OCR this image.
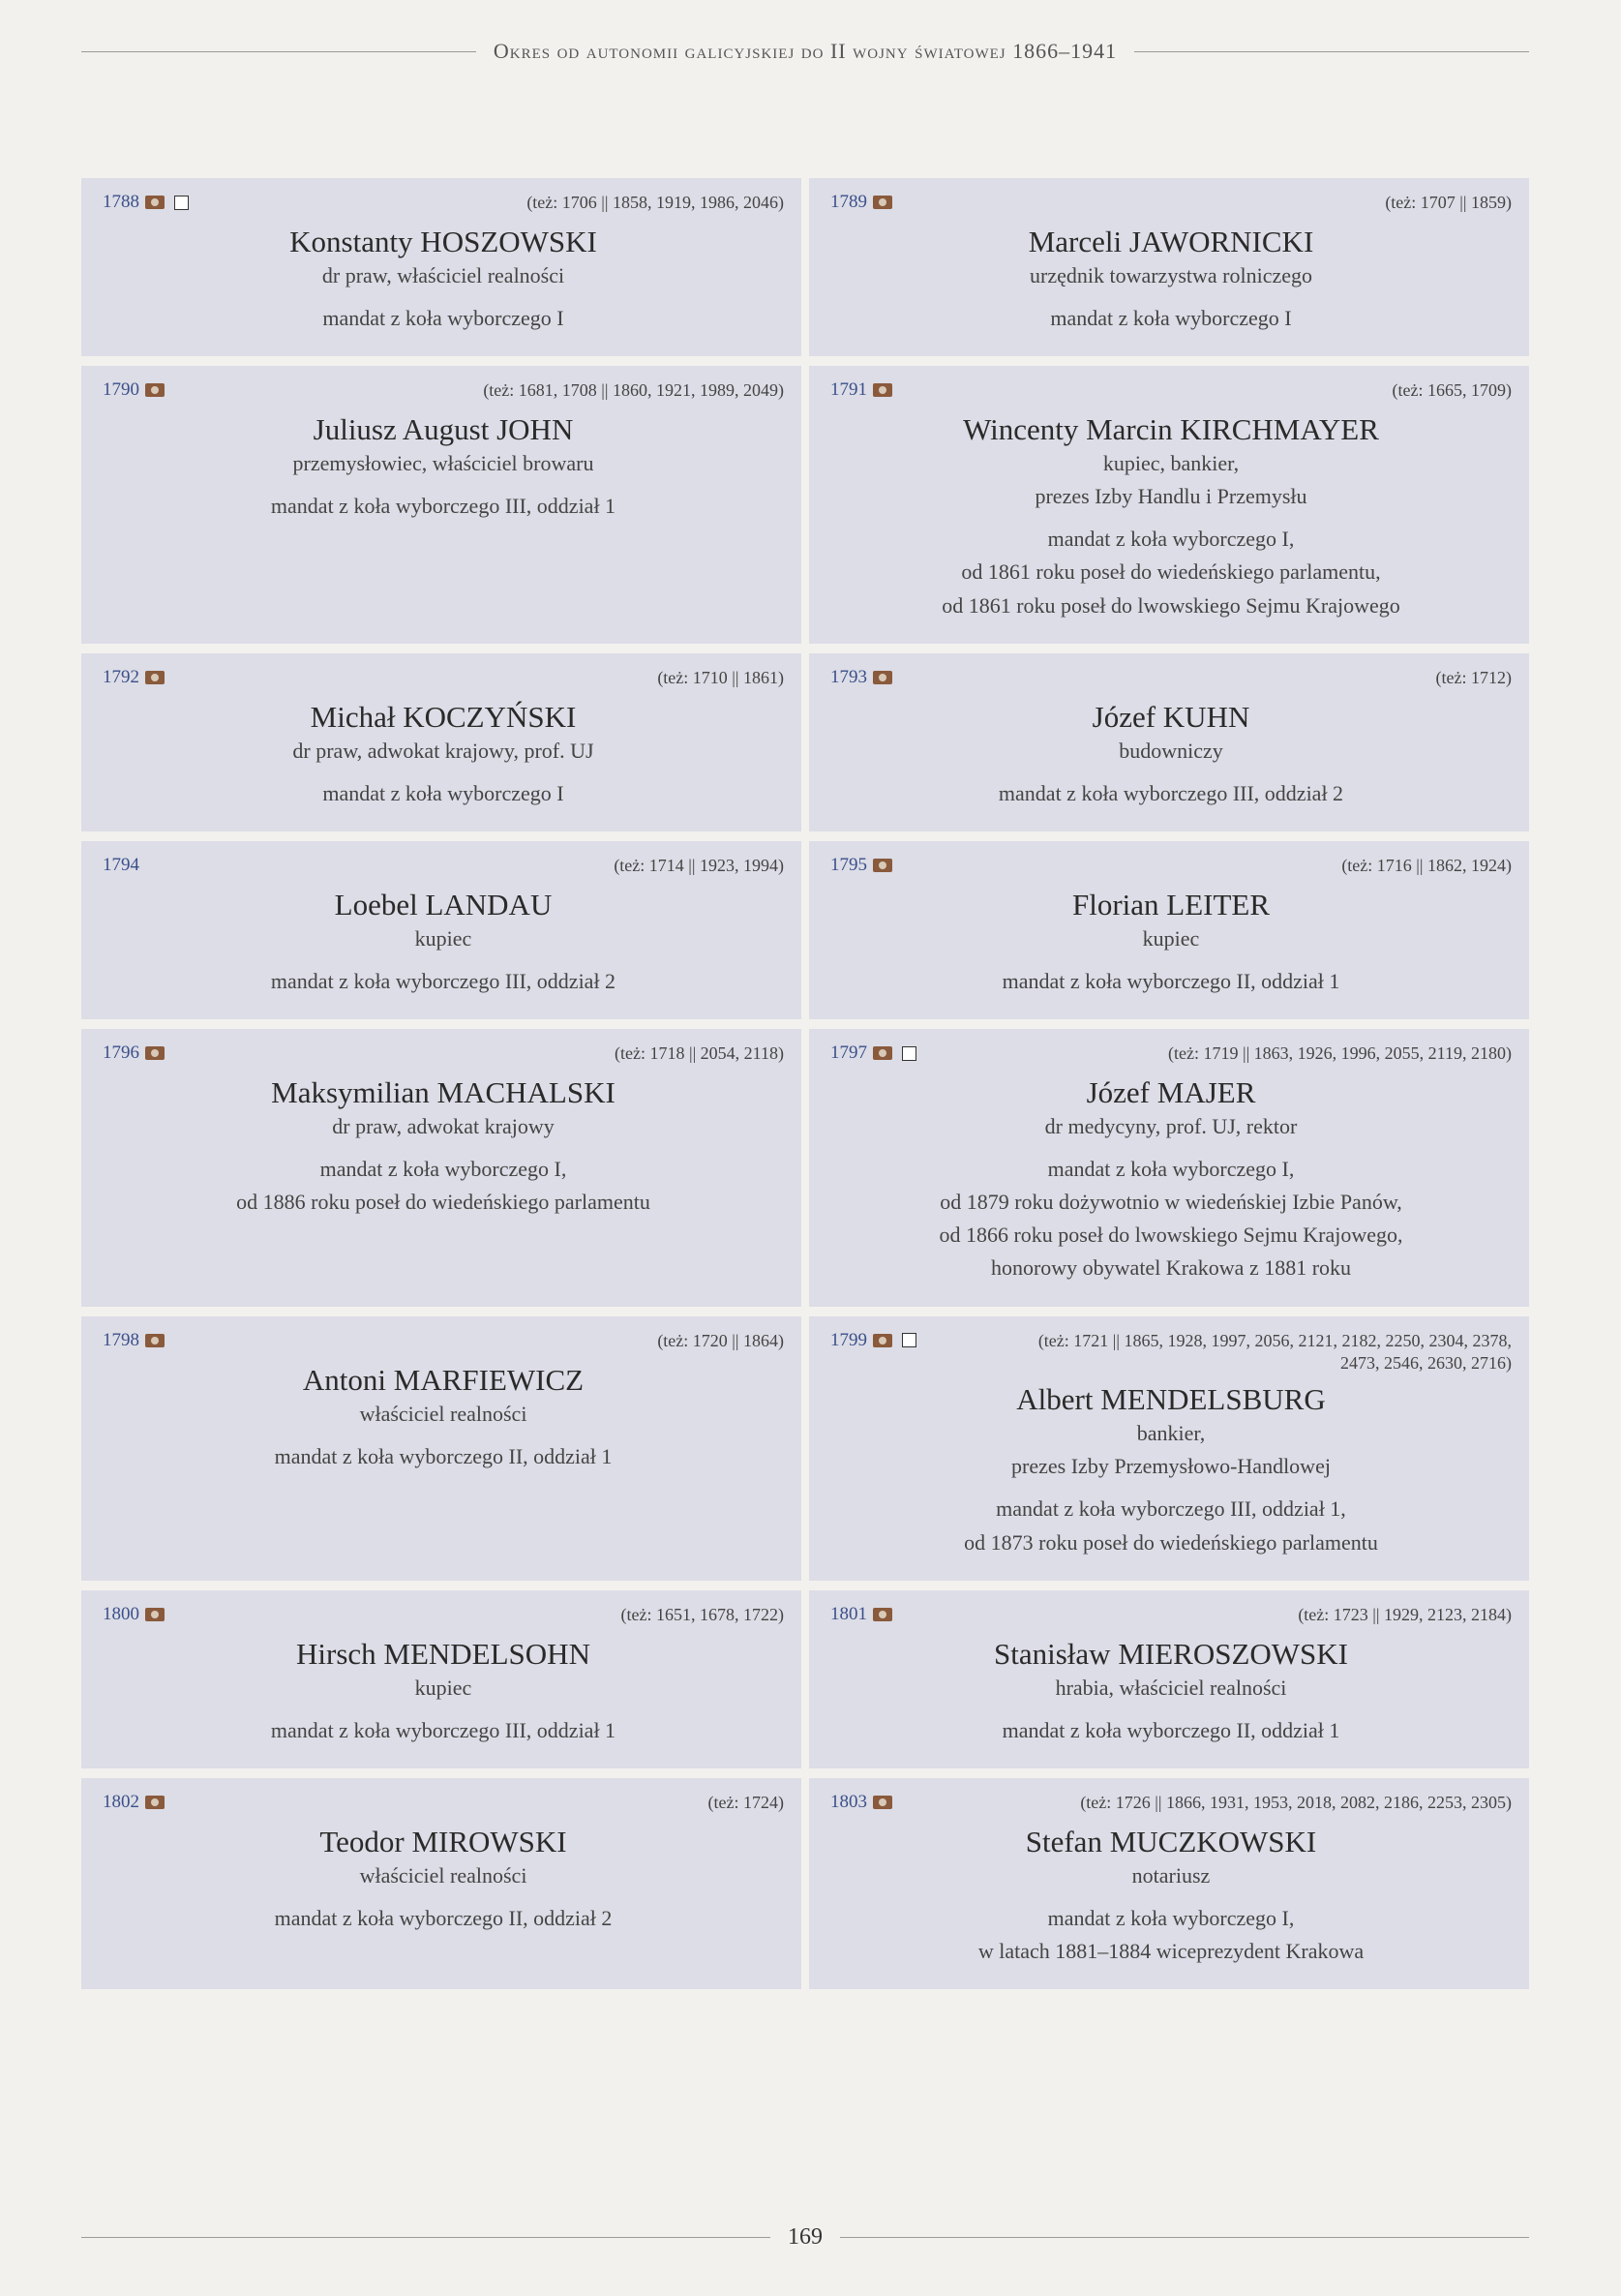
Okres od autonomii galicyjskiej do II wojny światowej 1866–1941
1788	(też: 1706 || 1858, 1919, 1986, 2046)
Konstanty HOSZOWSKI
dr praw, właściciel realności
mandat z koła wyborczego I
1789	(też: 1707 || 1859)
Marceli JAWORNICKI
urzędnik towarzystwa rolniczego
mandat z koła wyborczego I
1790	(też: 1681, 1708 || 1860, 1921, 1989, 2049)
Juliusz August JOHN
przemysłowiec, właściciel browaru
mandat z koła wyborczego III, oddział 1
1791	(też: 1665, 1709)
Wincenty Marcin KIRCHMAYER
kupiec, bankier,
prezes Izby Handlu i Przemysłu
mandat z koła wyborczego I,
od 1861 roku poseł do wiedeńskiego parlamentu,
od 1861 roku poseł do lwowskiego Sejmu Krajowego
1792	(też: 1710 || 1861)
Michał KOCZYŃSKI
dr praw, adwokat krajowy, prof. UJ
mandat z koła wyborczego I
1793	(też: 1712)
Józef KUHN
budowniczy
mandat z koła wyborczego III, oddział 2
1794	(też: 1714 || 1923, 1994)
Loebel LANDAU
kupiec
mandat z koła wyborczego III, oddział 2
1795	(też: 1716 || 1862, 1924)
Florian LEITER
kupiec
mandat z koła wyborczego II, oddział 1
1796	(też: 1718 || 2054, 2118)
Maksymilian MACHALSKI
dr praw, adwokat krajowy
mandat z koła wyborczego I,
od 1886 roku poseł do wiedeńskiego parlamentu
1797	(też: 1719 || 1863, 1926, 1996, 2055, 2119, 2180)
Józef MAJER
dr medycyny, prof. UJ, rektor
mandat z koła wyborczego I,
od 1879 roku dożywotnio w wiedeńskiej Izbie Panów,
od 1866 roku poseł do lwowskiego Sejmu Krajowego,
honorowy obywatel Krakowa z 1881 roku
1798	(też: 1720 || 1864)
Antoni MARFIEWICZ
właściciel realności
mandat z koła wyborczego II, oddział 1
1799	(też: 1721 || 1865, 1928, 1997, 2056, 2121, 2182, 2250, 2304, 2378, 2473, 2546, 2630, 2716)
Albert MENDELSBURG
bankier,
prezes Izby Przemysłowo-Handlowej
mandat z koła wyborczego III, oddział 1,
od 1873 roku poseł do wiedeńskiego parlamentu
1800	(też: 1651, 1678, 1722)
Hirsch MENDELSOHN
kupiec
mandat z koła wyborczego III, oddział 1
1801	(też: 1723 || 1929, 2123, 2184)
Stanisław MIEROSZOWSKI
hrabia, właściciel realności
mandat z koła wyborczego II, oddział 1
1802	(też: 1724)
Teodor MIROWSKI
właściciel realności
mandat z koła wyborczego II, oddział 2
1803	(też: 1726 || 1866, 1931, 1953, 2018, 2082, 2186, 2253, 2305)
Stefan MUCZKOWSKI
notariusz
mandat z koła wyborczego I,
w latach 1881–1884 wiceprezydent Krakowa
169
